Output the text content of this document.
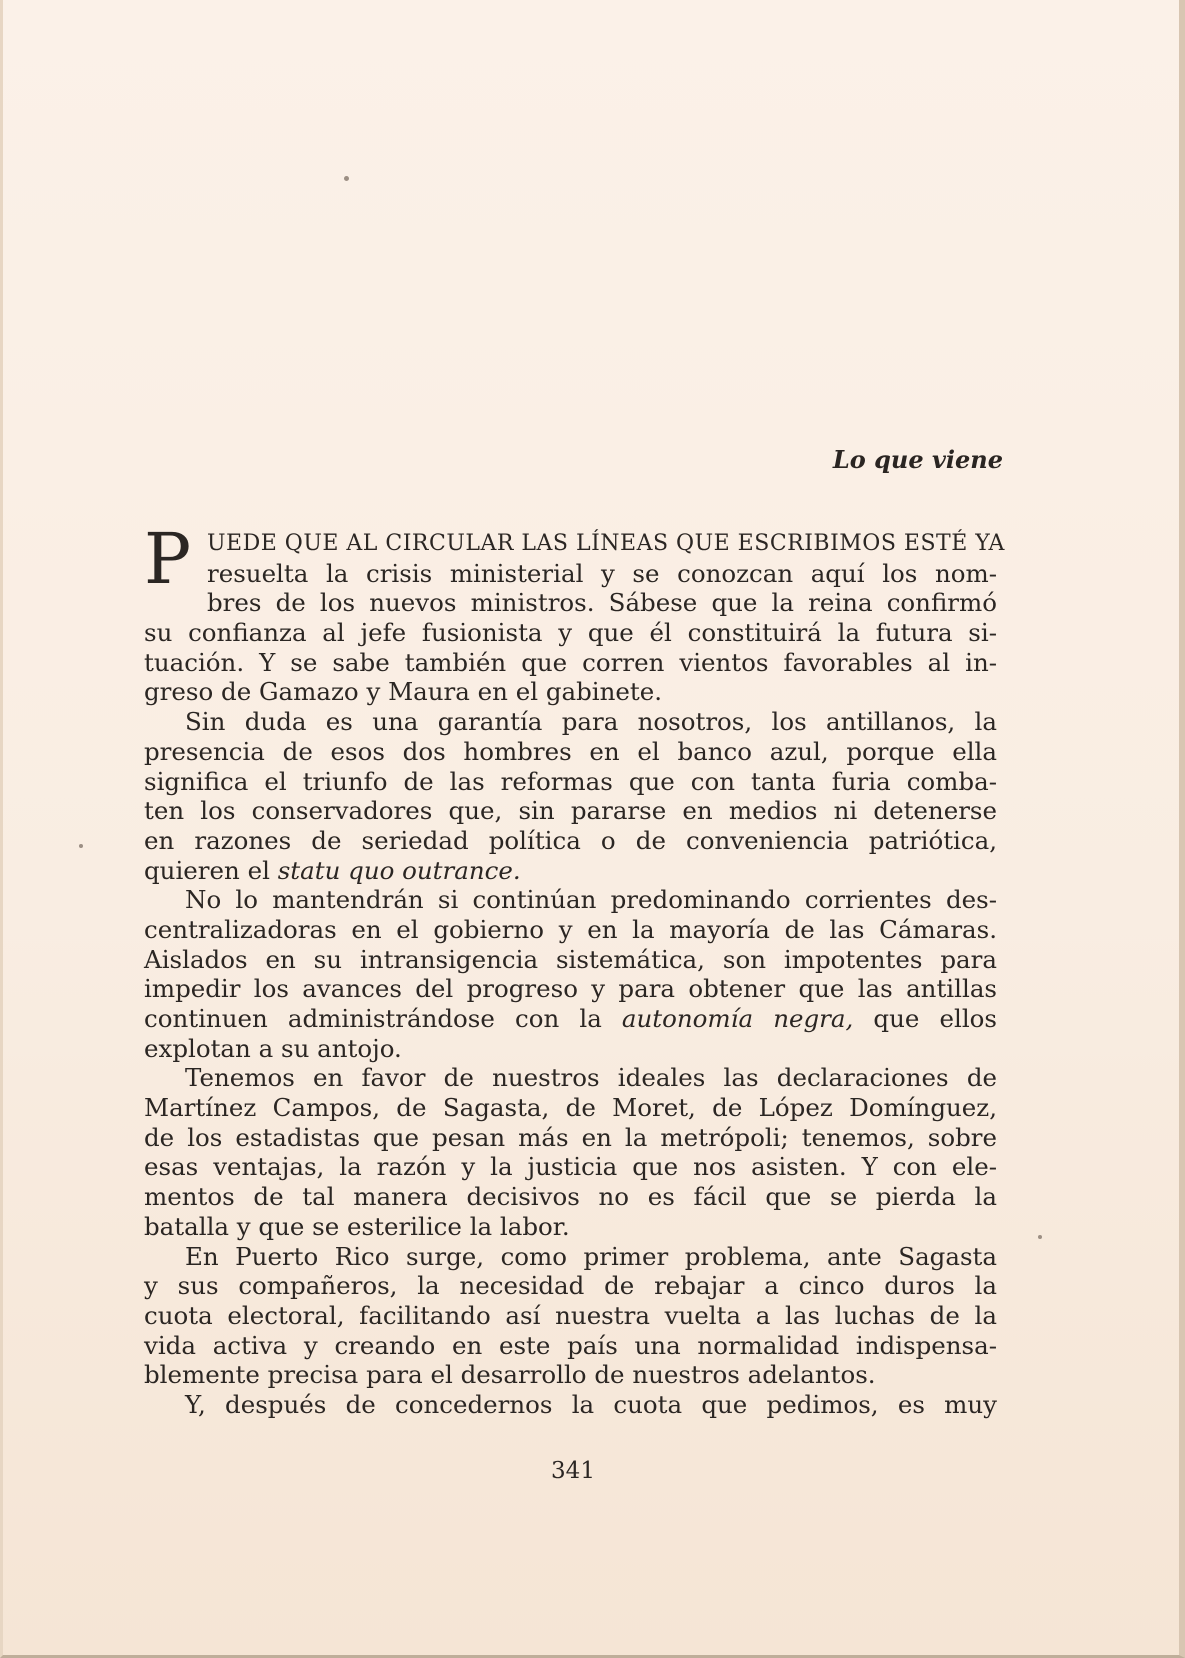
Lo que viene
P UEDE QUE AL CIRCULAR LAS LÍNEAS QUE ESCRIBIMOS ESTÉ YA
resuelta la crisis ministerial y se conozcan aquí los nom-
bres de los nuevos ministros. Sábese que la reina confirmó
su confianza al jefe fusionista y que él constituirá la futura si-
tuación. Y se sabe también que corren vientos favorables al in-
greso de Gamazo y Maura en el gabinete.
Sin duda es una garantía para nosotros, los antillanos, la
presencia de esos dos hombres en el banco azul, porque ella
significa el triunfo de las reformas que con tanta furia comba-
ten los conservadores que, sin pararse en medios ni detenerse
en razones de seriedad política o de conveniencia patriótica,
quieren el statu quo outrance.
No lo mantendrán si continúan predominando corrientes des-
centralizadoras en el gobierno y en la mayoría de las Cámaras.
Aislados en su intransigencia sistemática, son impotentes para
impedir los avances del progreso y para obtener que las antillas
continuen administrándose con la autonomía negra, que ellos
explotan a su antojo.
Tenemos en favor de nuestros ideales las declaraciones de
Martínez Campos, de Sagasta, de Moret, de López Domínguez,
de los estadistas que pesan más en la metrópoli; tenemos, sobre
esas ventajas, la razón y la justicia que nos asisten. Y con ele-
mentos de tal manera decisivos no es fácil que se pierda la
batalla y que se esterilice la labor.
En Puerto Rico surge, como primer problema, ante Sagasta
y sus compañeros, la necesidad de rebajar a cinco duros la
cuota electoral, facilitando así nuestra vuelta a las luchas de la
vida activa y creando en este país una normalidad indispensa-
blemente precisa para el desarrollo de nuestros adelantos.
Y, después de concedernos la cuota que pedimos, es muy
341
